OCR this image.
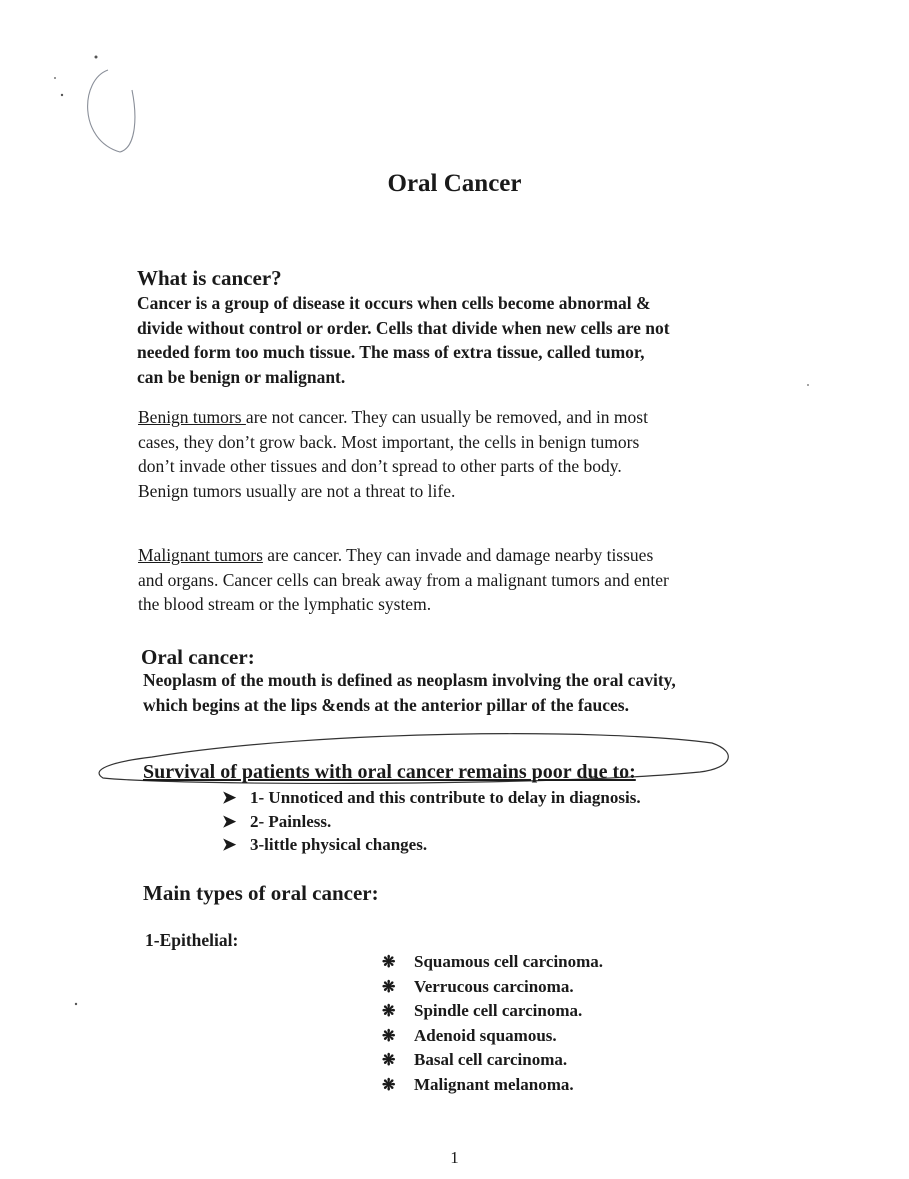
Oral Cancer
What is cancer?
Cancer is a group of disease it occurs when cells become abnormal &
divide without control or order. Cells that divide when new cells are not
needed form too much tissue. The mass of extra tissue, called tumor,
can be benign or malignant.
Benign tumors are not cancer. They can usually be removed, and in most
cases, they don’t grow back. Most important, the cells in benign tumors
don’t invade other tissues and don’t spread to other parts of the body.
Benign tumors usually are not a threat to life.
Malignant tumors are cancer. They can invade and damage nearby tissues
and organs. Cancer cells can break away from a malignant tumors and enter
the blood stream or the lymphatic system.
Oral cancer:
Neoplasm of the mouth is defined as neoplasm involving the oral cavity,
which begins at the lips &ends at the anterior pillar of the fauces.
Survival of patients with oral cancer remains poor due to:
➤ 1- Unnoticed and this contribute to delay in diagnosis.
➤ 2- Painless.
➤ 3-little physical changes.
Main types of oral cancer:
1-Epithelial:
❋ Squamous cell carcinoma.
❋ Verrucous carcinoma.
❋ Spindle cell carcinoma.
❋ Adenoid squamous.
❋ Basal cell carcinoma.
❋ Malignant melanoma.
1
